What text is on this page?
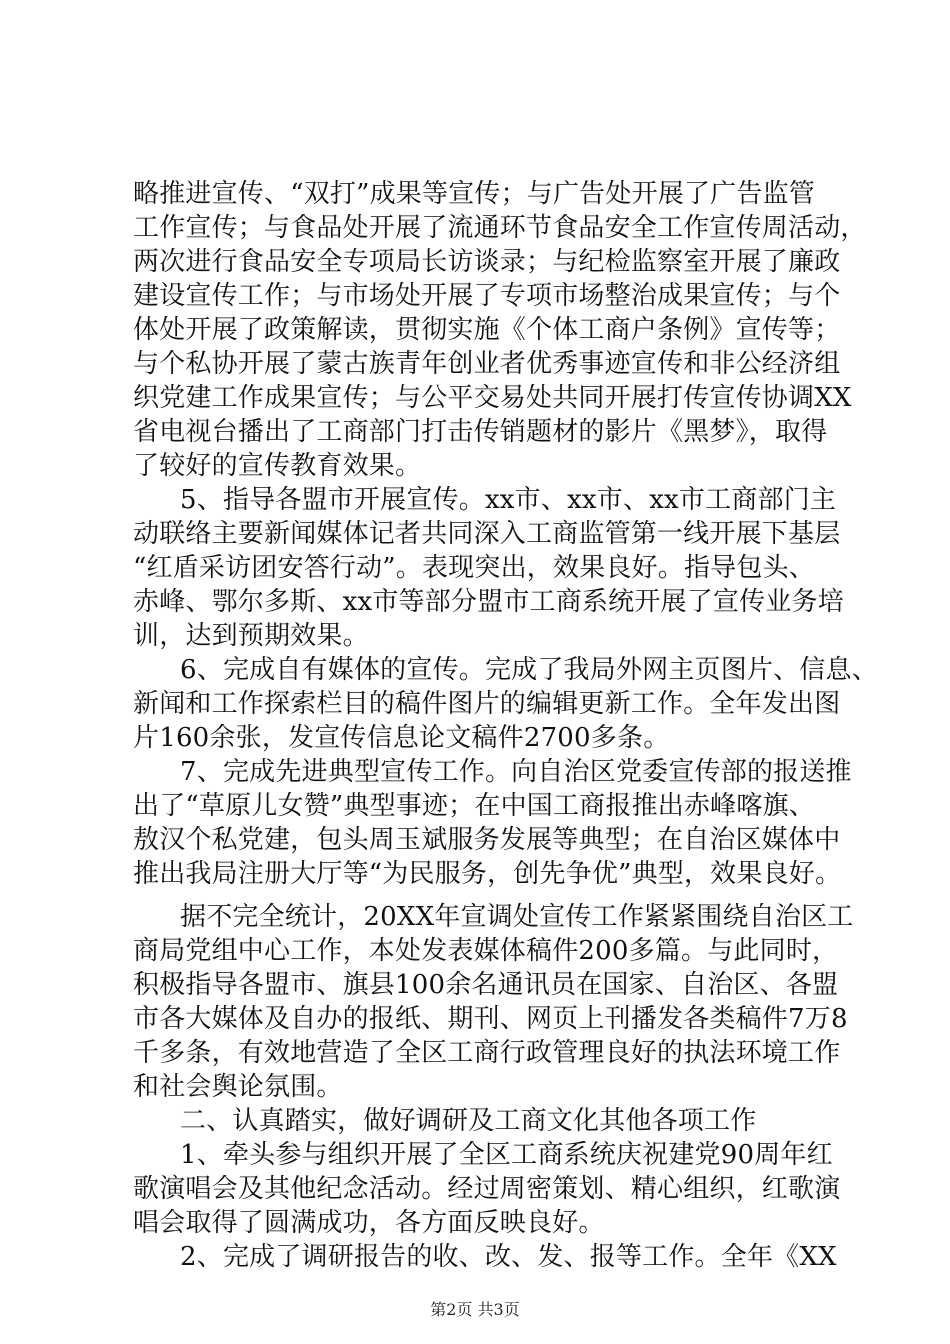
略推进宣传、“双打”成果等宣传；与广告处开展了广告监管
工作宣传；与食品处开展了流通环节食品安全工作宣传周活动，
两次进行食品安全专项局长访谈录；与纪检监察室开展了廉政
建设宣传工作；与市场处开展了专项市场整治成果宣传；与个
体处开展了政策解读，贯彻实施《个体工商户条例》宣传等；
与个私协开展了蒙古族青年创业者优秀事迹宣传和非公经济组
织党建工作成果宣传；与公平交易处共同开展打传宣传协调XX
省电视台播出了工商部门打击传销题材的影片《黑梦》，取得
了较好的宣传教育效果。
5、指导各盟市开展宣传。xx市、xx市、xx市工商部门主
动联络主要新闻媒体记者共同深入工商监管第一线开展下基层
“红盾采访团安答行动”。表现突出，效果良好。指导包头、
赤峰、鄂尔多斯、xx市等部分盟市工商系统开展了宣传业务培
训，达到预期效果。
6、完成自有媒体的宣传。完成了我局外网主页图片、信息、
新闻和工作探索栏目的稿件图片的编辑更新工作。全年发出图
片160余张，发宣传信息论文稿件2700多条。
7、完成先进典型宣传工作。向自治区党委宣传部的报送推
出了“草原儿女赞”典型事迹；在中国工商报推出赤峰喀旗、
敖汉个私党建，包头周玉斌服务发展等典型；在自治区媒体中
推出我局注册大厅等“为民服务，创先争优”典型，效果良好。
据不完全统计，20XX年宣调处宣传工作紧紧围绕自治区工
商局党组中心工作，本处发表媒体稿件200多篇。与此同时，
积极指导各盟市、旗县100余名通讯员在国家、自治区、各盟
市各大媒体及自办的报纸、期刊、网页上刊播发各类稿件7万8
千多条，有效地营造了全区工商行政管理良好的执法环境工作
和社会舆论氛围。
二、认真踏实，做好调研及工商文化其他各项工作
1、牵头参与组织开展了全区工商系统庆祝建党90周年红
歌演唱会及其他纪念活动。经过周密策划、精心组织，红歌演
唱会取得了圆满成功，各方面反映良好。
2、完成了调研报告的收、改、发、报等工作。全年《XX
第2页 共3页
